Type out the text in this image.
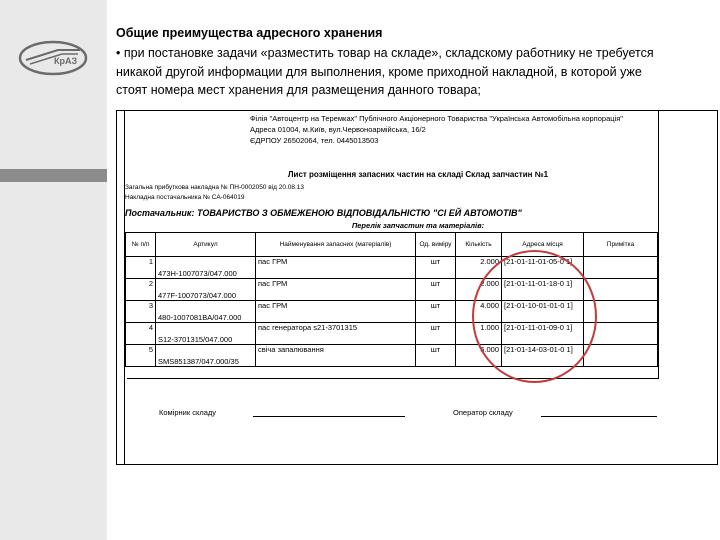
КрАЗ
Общие преимущества адресного хранения
• при постановке задачи «разместить товар на складе», складскому работнику не требуется никакой другой информации для выполнения, кроме приходной накладной, в которой уже стоят номера мест хранения для размещения данного товара;
Філія "Автоцентр на Теремках" Публічного Акціонерного Товариства "Українська Автомобільна корпорація"
Адреса 01004, м.Київ, вул.Червоноармійська, 16/2
ЄДРПОУ 26502064, тел. 0445013503
Лист розміщення запасних частин на складі Склад запчастин №1
Загальна прибуткова накладна № ПН-0002050 від 20.08.13
Накладна постачальника № СА-064019
Постачальник: ТОВАРИСТВО З ОБМЕЖЕНОЮ ВІДПОВІДАЛЬНІСТЮ "СІ ЕЙ АВТОМОТІВ"
Перелік запчастин та матеріалів:
№ п/п	Артикул	Найменування запасних (матеріалів)	Од. виміру	Кількість	Адреса місця	Примітка
1	473H-1007073/047.000	пас ГРМ	шт	2.000	[21-01-11-01-05-0 1]	
2	477F-1007073/047.000	пас ГРМ	шт	2.000	[21-01-11-01-18-0 1]	
3	480-1007081BA/047.000	пас ГРМ	шт	4.000	[21-01-10-01-01-0 1]	
4	S12-3701315/047.000	пас генератора s21-3701315	шт	1.000	[21-01-11-01-09-0 1]	
5	SMS851387/047.000/35	свіча запалювання	шт	6.000	[21-01-14-03-01-0 1]	
Комірник складу	Оператор складу
